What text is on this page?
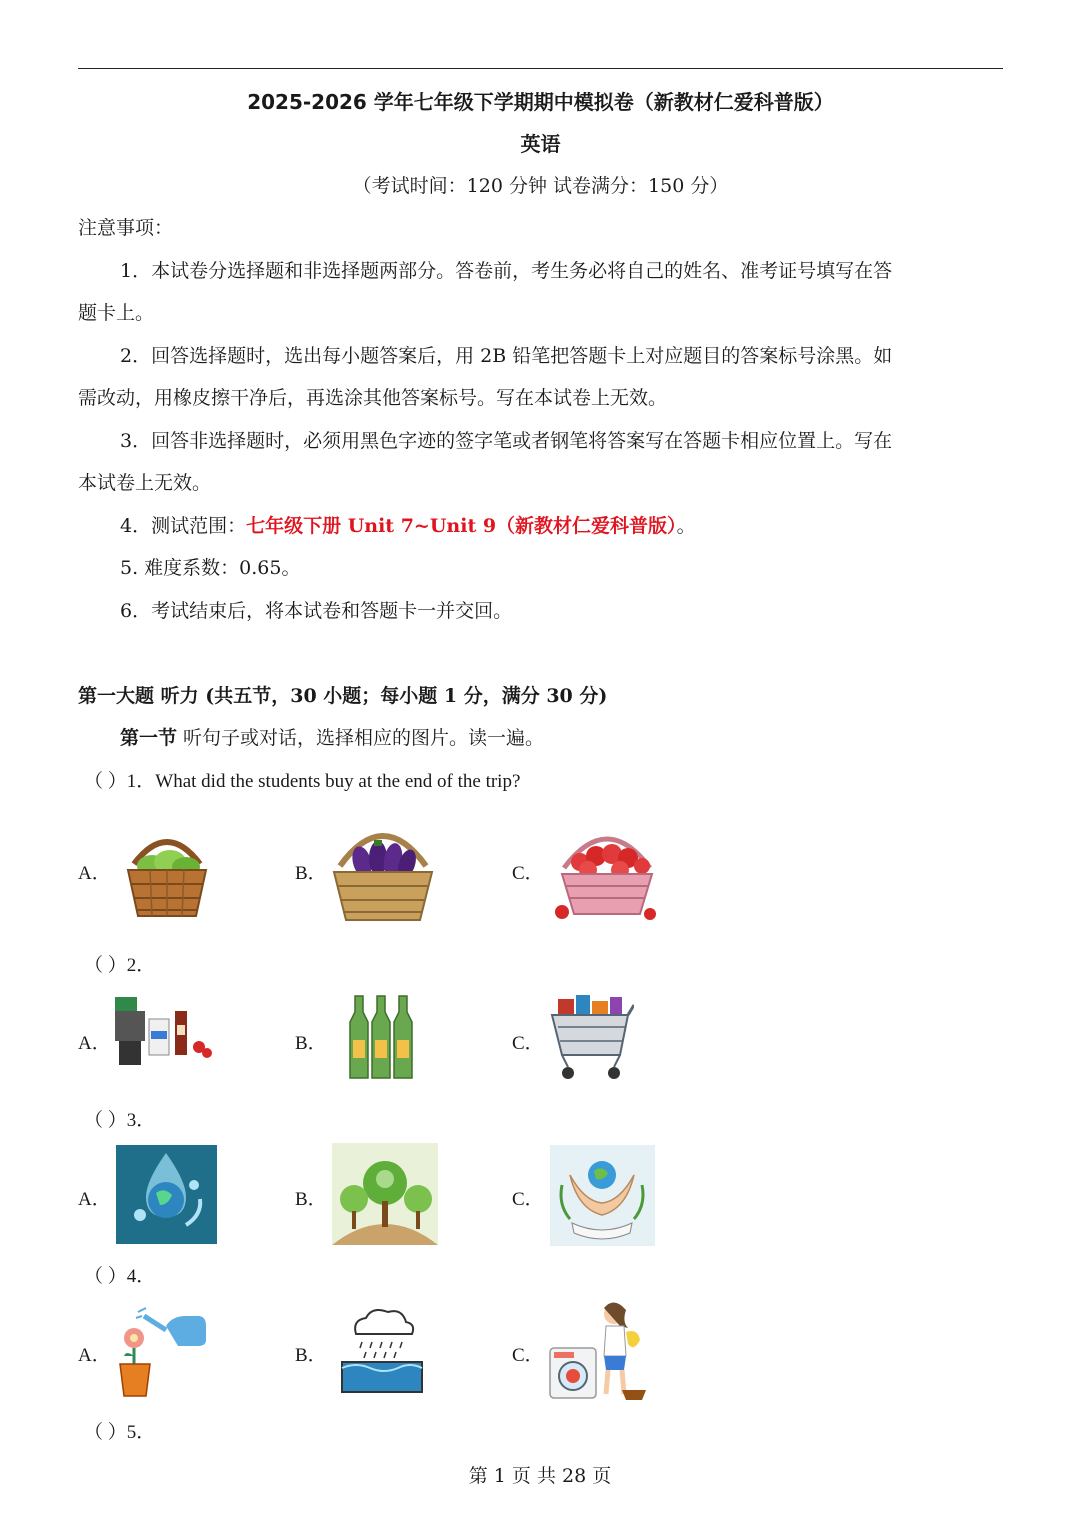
2025-2026 学年七年级下学期期中模拟卷（新教材仁爱科普版）
英语
（考试时间：120 分钟 试卷满分：150 分）
注意事项：
1．本试卷分选择题和非选择题两部分。答卷前，考生务必将自己的姓名、准考证号填写在答
题卡上。
2．回答选择题时，选出每小题答案后，用 2B 铅笔把答题卡上对应题目的答案标号涂黑。如
需改动，用橡皮擦干净后，再选涂其他答案标号。写在本试卷上无效。
3．回答非选择题时，必须用黑色字迹的签字笔或者钢笔将答案写在答题卡相应位置上。写在
本试卷上无效。
4．测试范围：七年级下册 Unit 7~Unit 9（新教材仁爱科普版）。
5. 难度系数：0.65。
6．考试结束后，将本试卷和答题卡一并交回。
第一大题 听力 (共五节，30 小题；每小题 1 分，满分 30 分)
第一节 听句子或对话，选择相应的图片。读一遍。
（ ）1．What did the students buy at the end of the trip?
A．	B．	C．
（ ）2．
A．	B．	C．
（ ）3．
A．	B．	C．
（ ）4．
A．	B．	C．
（ ）5．
第 1 页 共 28 页
